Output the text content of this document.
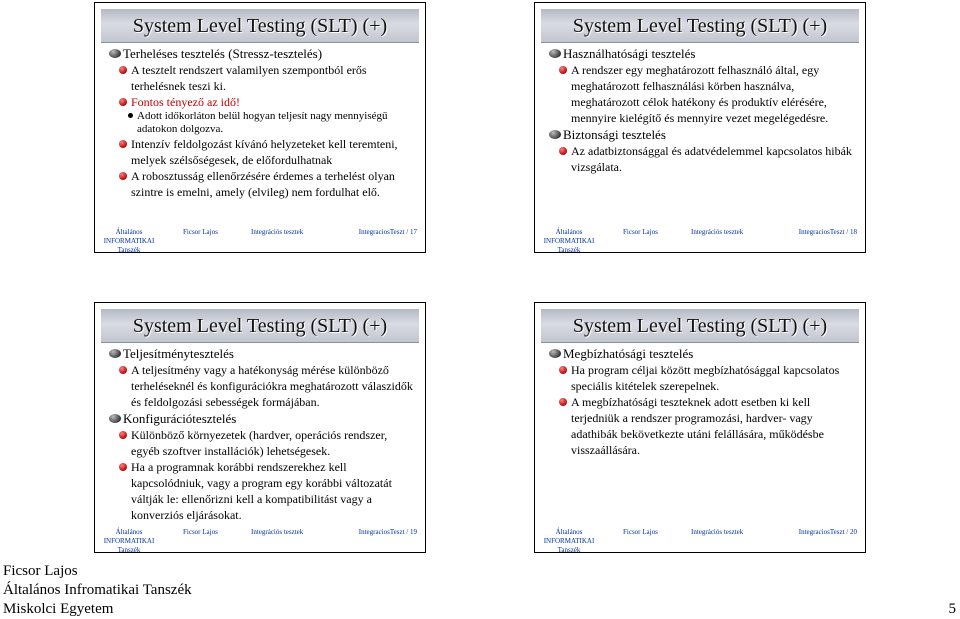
System Level Testing (SLT) (+)
Terheléses tesztelés (Stressz-tesztelés)
A tesztelt rendszert valamilyen szempontból erős terhelésnek teszi ki.
Fontos tényező az idő!
Adott időkorláton belül hogyan teljesít nagy mennyiségű adatokon dolgozva.
Intenzív feldolgozást kívánó helyzeteket kell teremteni, melyek szélsőségesek, de előfordulhatnak
A robosztusság ellenőrzésére érdemes a terhelést olyan szintre is emelni, amely (elvileg) nem fordulhat elő.
Általános INFORMATIKAI Tanszék
Ficsor Lajos	Integrációs tesztek	IntegraciosTeszt / 17
System Level Testing (SLT) (+)
Használhatósági tesztelés
A rendszer egy meghatározott felhasználó által, egy meghatározott felhasználási körben használva, meghatározott célok hatékony és produktív elérésére, mennyire kielégítő és mennyire vezet megelégedésre.
Biztonsági tesztelés
Az adatbiztonsággal és adatvédelemmel kapcsolatos hibák vizsgálata.
Általános INFORMATIKAI Tanszék
Ficsor Lajos	Integrációs tesztek	IntegraciosTeszt / 18
System Level Testing (SLT) (+)
Teljesítménytesztelés
A teljesítmény vagy a hatékonyság mérése különböző terheléseknél és konfigurációkra meghatározott válaszidők és feldolgozási sebességek formájában.
Konfigurációtesztelés
Különböző környezetek (hardver, operációs rendszer, egyéb szoftver installációk) lehetségesek.
Ha a programnak korábbi rendszerekhez kell kapcsolódniuk, vagy a program egy korábbi változatát váltják le: ellenőrizni kell a kompatibilitást vagy a konverziós eljárásokat.
Általános INFORMATIKAI Tanszék
Ficsor Lajos	Integrációs tesztek	IntegraciosTeszt / 19
System Level Testing (SLT) (+)
Megbízhatósági tesztelés
Ha program céljai között megbízhatósággal kapcsolatos speciális kitételek szerepelnek.
A megbízhatósági teszteknek adott esetben ki kell terjedniük a rendszer programozási, hardver- vagy adathibák bekövetkezte utáni felállására, működésbe visszaállására.
Általános INFORMATIKAI Tanszék
Ficsor Lajos	Integrációs tesztek	IntegraciosTeszt / 20
Ficsor Lajos
Általános Infromatikai Tanszék
Miskolci Egyetem	5
